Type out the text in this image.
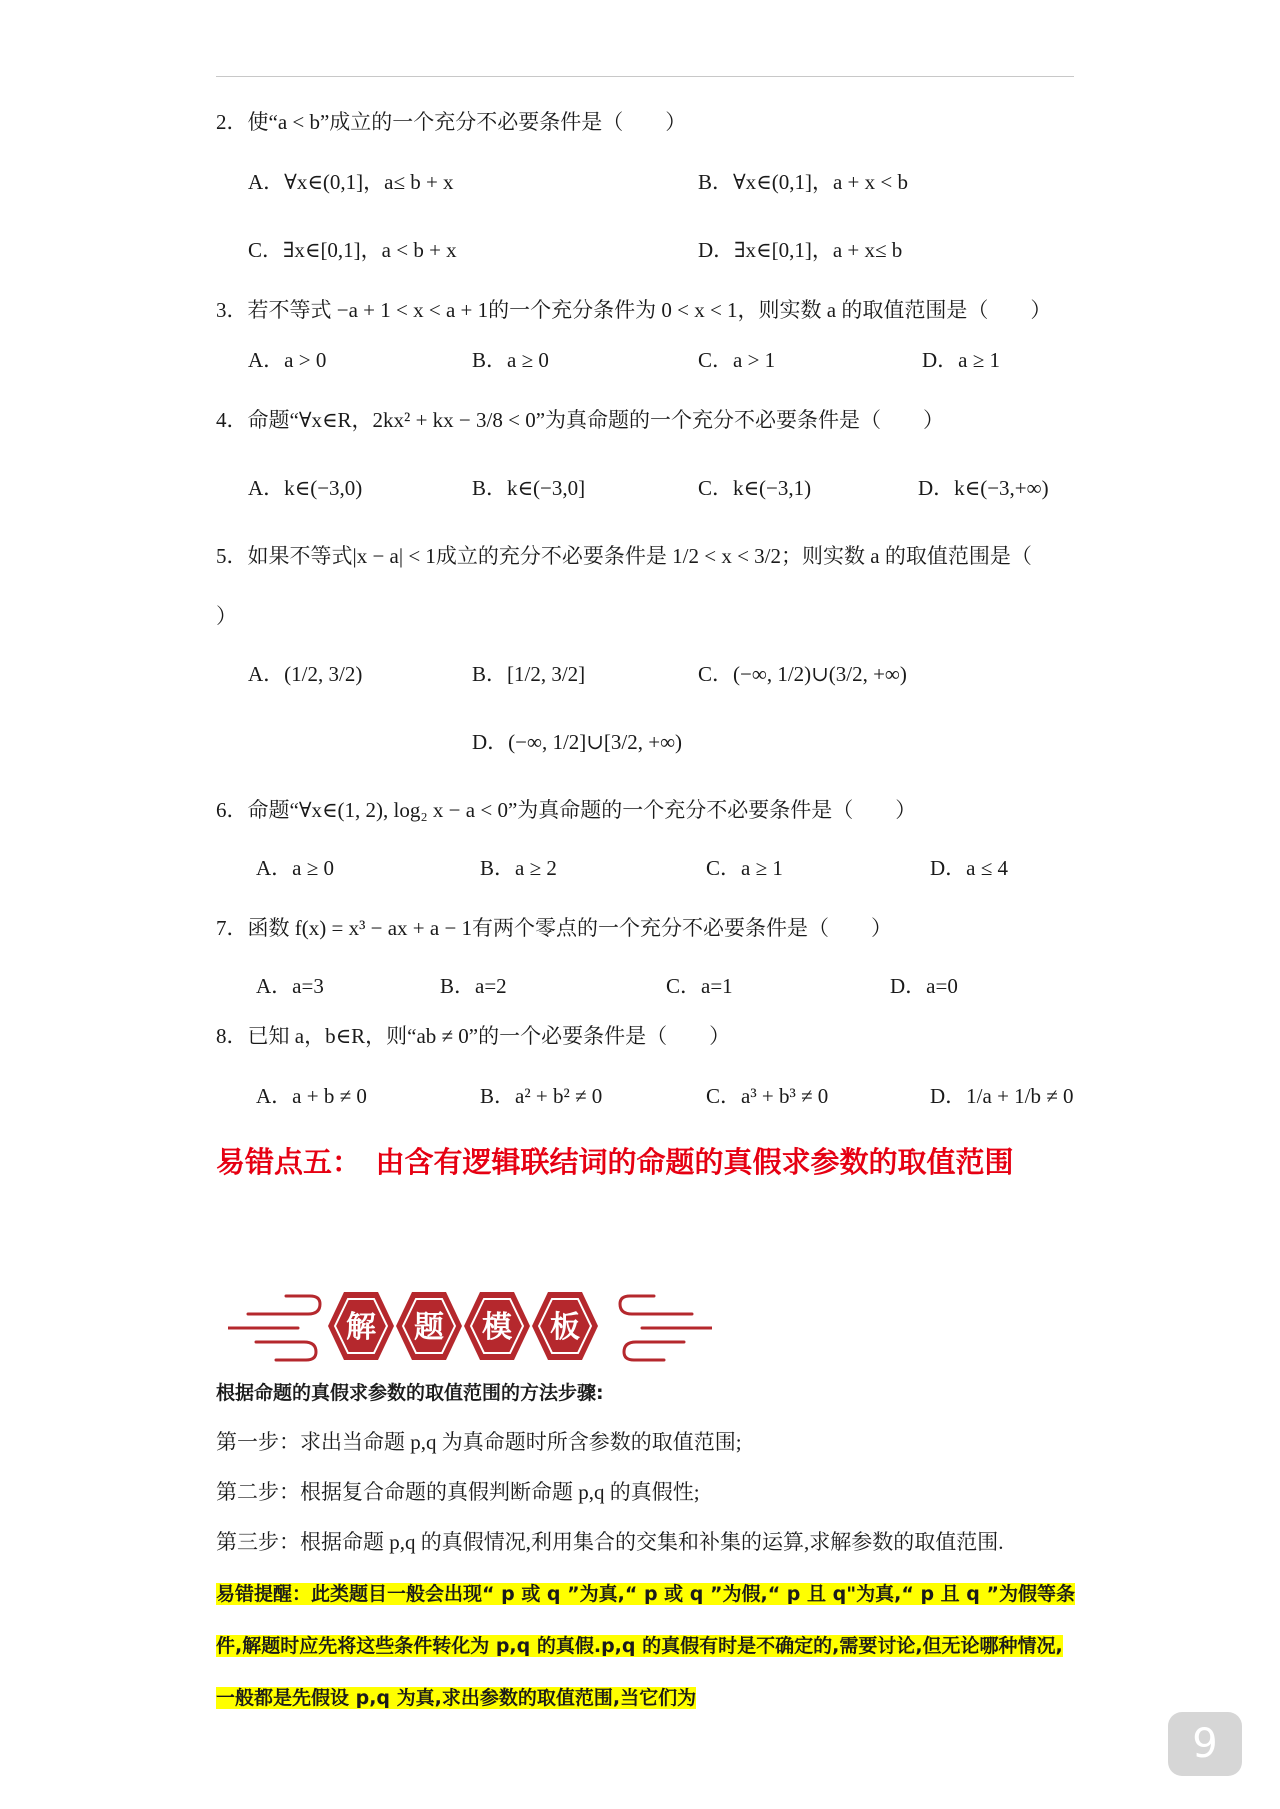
2．使“a < b”成立的一个充分不必要条件是（　　）
A．∀x∈(0,1]，a≤ b + x	B．∀x∈(0,1]，a + x < b
C．∃x∈[0,1]，a < b + x	D．∃x∈[0,1]，a + x≤ b
3．若不等式 −a + 1 < x < a + 1的一个充分条件为 0 < x < 1，则实数 a 的取值范围是（　　）
A．a > 0	B．a ≥ 0	C．a > 1	D．a ≥ 1
4．命题“∀x∈R，2kx² + kx − 3/8 < 0”为真命题的一个充分不必要条件是（　　）
A．k∈(−3,0)	B．k∈(−3,0]	C．k∈(−3,1)	D．k∈(−3,+∞)
5．如果不等式|x − a| < 1成立的充分不必要条件是 1/2 < x < 3/2；则实数 a 的取值范围是（
）
A．(1/2, 3/2)	B．[1/2, 3/2]	C．(−∞, 1/2)∪(3/2, +∞)
D．(−∞, 1/2]∪[3/2, +∞)
6．命题“∀x∈(1, 2), log₂ x − a < 0”为真命题的一个充分不必要条件是（　　）
A．a ≥ 0	B．a ≥ 2	C．a ≥ 1	D．a ≤ 4
7．函数 f(x) = x³ − ax + a − 1有两个零点的一个充分不必要条件是（　　）
A．a=3	B．a=2	C．a=1	D．a=0
8．已知 a，b∈R，则“ab ≠ 0”的一个必要条件是（　　）
A．a + b ≠ 0	B．a² + b² ≠ 0	C．a³ + b³ ≠ 0	D．1/a + 1/b ≠ 0
易错点五：　由含有逻辑联结词的命题的真假求参数的取值范围
解 题 模 板
根据命题的真假求参数的取值范围的方法步骤:
第一步：求出当命题 p,q 为真命题时所含参数的取值范围;
第二步：根据复合命题的真假判断命题 p,q 的真假性;
第三步：根据命题 p,q 的真假情况,利用集合的交集和补集的运算,求解参数的取值范围.
易错提醒：此类题目一般会出现“ p 或 q ”为真,“ p 或 q ”为假,“ p 且 q"为真,“ p 且 q ”为假等条件,解题时应先将这些条件转化为 p,q 的真假.p,q 的真假有时是不确定的,需要讨论,但无论哪种情况,一般都是先假设 p,q 为真,求出参数的取值范围,当它们为
9
